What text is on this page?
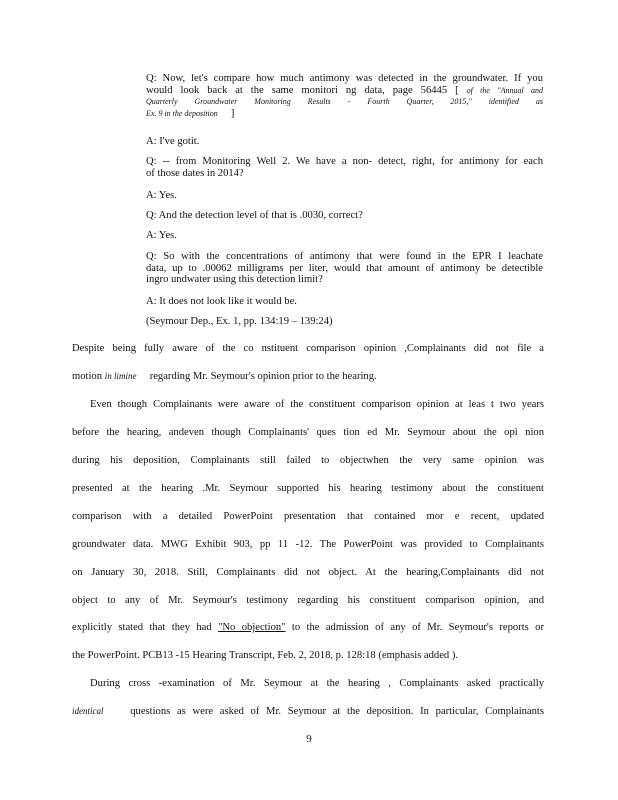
Q: Now, let's compare how much antimony was detected in the groundwater. If you
would look back at the same monitori ng data, page 56445 [ of the "Annual and
Quarterly Groundwater Monitoring Results - Fourth Quarter, 2015," identified as
Ex. 9 in the deposition     ]
A: I've gotit.
Q: -- from Monitoring Well 2. We have a non- detect, right, for antimony for each
of those dates in 2014?
A: Yes.
Q: And the detection level of that is .0030, correct?
A: Yes.
Q: So with the concentrations of antimony that were found in the EPR I leachate
data, up to .00062 milligrams per liter, would that amount of antimony be detectible
ingro undwater using this detection limit?
A: It does not look like it would be.
(Seymour Dep., Ex. 1, pp. 134:19 – 139:24)
Despite being fully aware of the co nstituent comparison opinion ,Complainants did not file a
motion in limine regarding Mr. Seymour's opinion prior to the hearing.
Even though Complainants were aware of the constituent comparison opinion at leas t two years
before the hearing, andeven though Complainants' ques tion ed Mr. Seymour about the opi nion
during his deposition, Complainants still failed to objectwhen the very same opinion was
presented at the hearing .Mr. Seymour supported his hearing testimony about the constituent
comparison with a detailed PowerPoint presentation that contained mor e recent, updated
groundwater data. MWG Exhibit 903, pp 11 -12. The PowerPoint was provided to Complainants
on January 30, 2018. Still, Complainants did not object. At the hearing,Complainants did not
object to any of Mr. Seymour's testimony regarding his constituent comparison opinion, and
explicitly stated that they had "No objection" to the admission of any of Mr. Seymour's reports or
the PowerPoint. PCB13 -15 Hearing Transcript, Feb. 2, 2018, p. 128:18 (emphasis added ).
During cross -examination of Mr. Seymour at the hearing , Complainants asked practically
identical	questions as were asked of Mr. Seymour at the deposition. In particular, Complainants
9
